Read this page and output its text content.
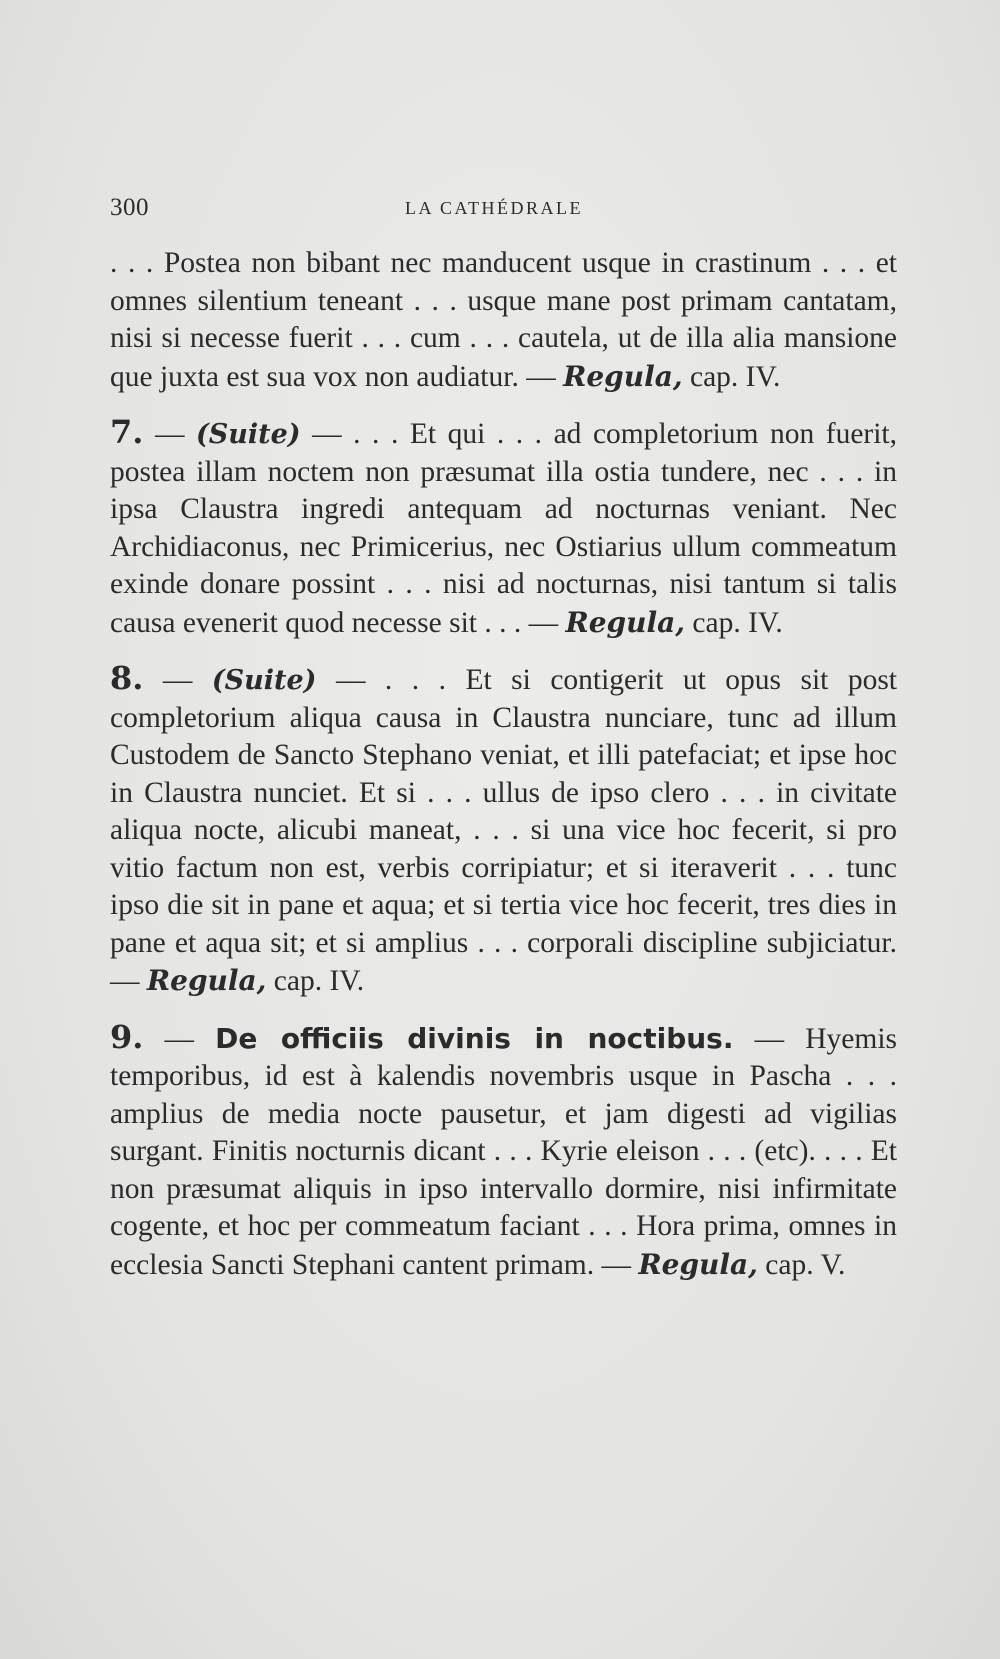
300	LA CATHÉDRALE

. . . Postea non bibant nec manducent usque in crastinum . . . et omnes silentium teneant . . . usque mane post primam cantatam, nisi si necesse fuerit . . . cum . . . cautela, ut de illa alia mansione que juxta est sua vox non audiatur. — Regula, cap. IV.

7. — (Suite) — . . . Et qui . . . ad completorium non fuerit, postea illam noctem non præsumat illa ostia tundere, nec . . . in ipsa Claustra ingredi antequam ad nocturnas veniant. Nec Archidiaconus, nec Primicerius, nec Ostiarius ullum commeatum exinde donare possint . . . nisi ad nocturnas, nisi tantum si talis causa evenerit quod necesse sit . . . — Regula, cap. IV.

8. — (Suite) — . . . Et si contigerit ut opus sit post completorium aliqua causa in Claustra nunciare, tunc ad illum Custodem de Sancto Stephano veniat, et illi patefaciat; et ipse hoc in Claustra nunciet. Et si . . . ullus de ipso clero . . . in civitate aliqua nocte, alicubi maneat, . . . si una vice hoc fecerit, si pro vitio factum non est, verbis corripiatur; et si iteraverit . . . tunc ipso die sit in pane et aqua; et si tertia vice hoc fecerit, tres dies in pane et aqua sit; et si amplius . . . corporali discipline subjiciatur. — Regula, cap. IV.

9. — De officiis divinis in noctibus. — Hyemis temporibus, id est à kalendis novembris usque in Pascha . . . amplius de media nocte pausetur, et jam digesti ad vigilias surgant. Finitis nocturnis dicant . . . Kyrie eleison . . . (etc). . . . Et non præsumat aliquis in ipso intervallo dormire, nisi infirmitate cogente, et hoc per commeatum faciant . . . Hora prima, omnes in ecclesia Sancti Stephani cantent primam. — Regula, cap. V.
